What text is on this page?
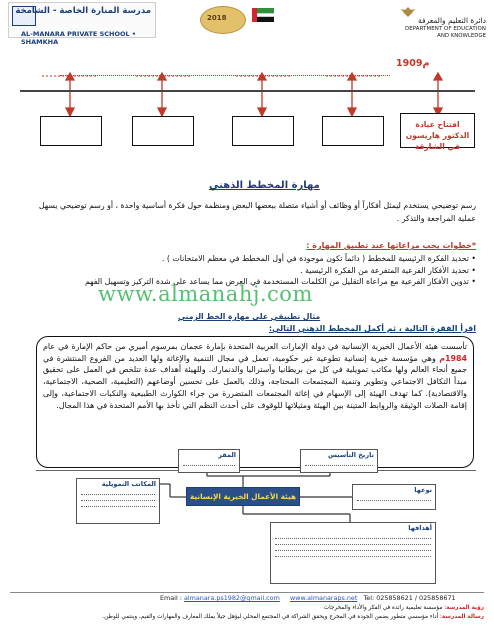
مدرسة المنارة الخاصة - الشامخة
AL-MANARA PRIVATE SCHOOL • SHAMKHA
2018	دائرة التعليم والمعرفة
DEPARTMENT OF EDUCATION
AND KNOWLEDGE
1909م
افتتاح عيادة الدكتور هاريسون في الشارقة
مهارة المخطط الذهني
رسم توضيحي يستخدم ليمثل أفكاراً أو وظائف أو أشياء متصلة ببعضها البعض ومنظمة حول فكرة أساسية واحدة ، أو رسم توضيحي يسهل عملية المراجعة والتذكر .
*خطوات يجب مراعاتها عند تطبيق المهارة :
• تحديد الفكرة الرئيسية للمخطط ( دائماً تكون موجودة في أول المخطط في معظم الامتحانات ) .
• تحديد الأفكار الفرعية المتفرعة من الفكرة الرئيسية .
• تدوين الأفكار الفرعية مع مراعاة التقليل من الكلمات المستخدمة في العرض مما يساعد على شدة التركيز وتسهيل الفهم
www.almanahj.com
مثال تطبيقي على مهارة الخط الزمني
اقرأ الفقرة التالية ، ثم أكمل المخطط الذهني التالي:

تأسست هيئة الأعمال الخيرية الإنسانية في دولة الإمارات العربية المتحدة بإمارة عجمان بمرسوم أميري من حاكم الإمارة في عام 1984م وهي مؤسسة خيرية إنسانية تطوعية غير حكومية، تعمل في مجال التنمية والإغاثة ولها العديد من الفروع المنتشرة في جميع أنحاء العالم ولها مكاتب تمويلية في كل من بريطانيا وأستراليا والدنمارك. وللهيئة أهداف عدة تتلخص في العمل على تحقيق مبدأ التكافل الاجتماعي وتطوير وتنمية المجتمعات المحتاجة، وذلك بالعمل على تحسين أوضاعهم (التعليمية، الصحية، الاجتماعية، والاقتصادية). كما تهدف الهيئة إلى الإسهام في إغاثة المجتمعات المتضررة من جراء الكوارث الطبيعية والنكبات الاجتماعية، وإلى إقامة الصلات الوثيقة والروابط المتينة بين الهيئة ومثيلاتها للوقوف على أحدث النظم التي تأخذ بها الأمم المتحدة في هذا المجال.

المقر	تاريخ التأسيس
المكاتب التمويلية
هيئة الأعمال الخيرية الإنسانية
نوعها
أهدافها
Email : almanara.ps1982@gmail.com www.almanaraps.net Tel: 025858621 / 025858671
رؤية المدرسة: مؤسسة تعليمية رائدة في الفكر والأداء والمخرجات
رسالة المدرسة: أداء مؤسسي متطور يضمن الجودة في المخرج ويحقق الشراكة في المجتمع المحلي ليؤهل جيلاً يملك المعارف والمهارات والقيم، وينتمي للوطن.
